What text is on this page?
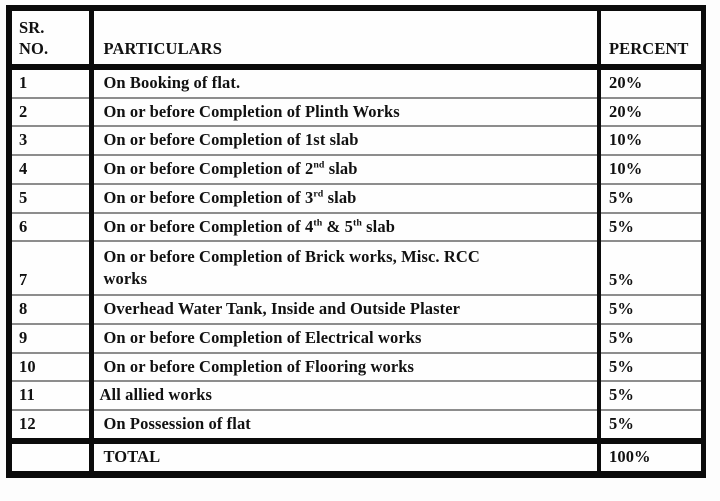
SR.
NO.	PARTICULARS	PERCENT

1	On Booking of flat.	20%

2	On or before Completion of Plinth Works	20%

3	On or before Completion of 1st slab	10%

4	On or before Completion of 2nd slab	10%

5	On or before Completion of 3rd slab	5%

6	On or before Completion of 4th & 5th slab	5%

7	On or before Completion of Brick works, Misc. RCC
works	5%

8	Overhead Water Tank, Inside and Outside Plaster	5%

9	On or before Completion of Electrical works	5%

10	On or before Completion of Flooring works	5%

11	All allied works	5%

12	On Possession of flat	5%

	TOTAL	100%
